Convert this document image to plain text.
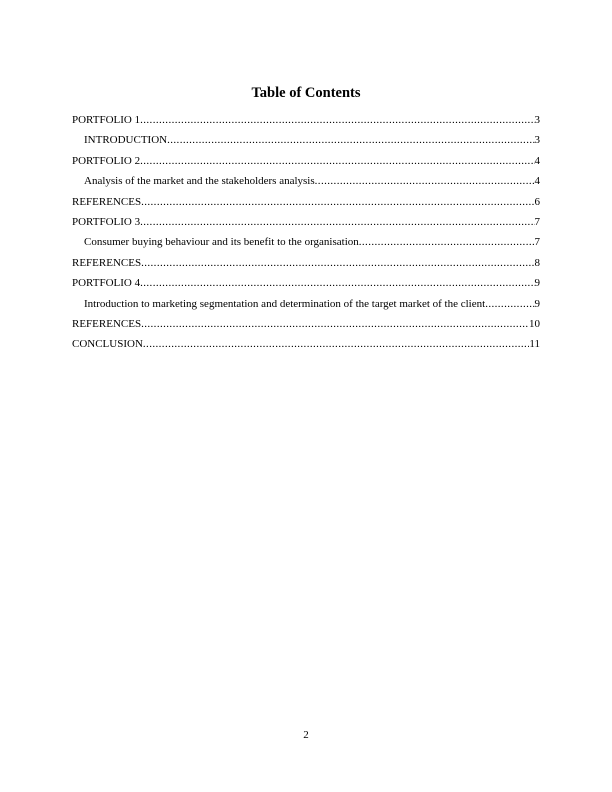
Table of Contents
PORTFOLIO 1 .....	3
INTRODUCTION .....	3
PORTFOLIO 2 .....	4
Analysis of the market and the stakeholders analysis .....	4
REFERENCES .....	6
PORTFOLIO 3 .....	7
Consumer buying behaviour and its benefit to the organisation .....	7
REFERENCES .....	8
PORTFOLIO 4 .....	9
Introduction to marketing segmentation and determination of the target market of the client .....	9
REFERENCES .....	10
CONCLUSION .....	11
2
